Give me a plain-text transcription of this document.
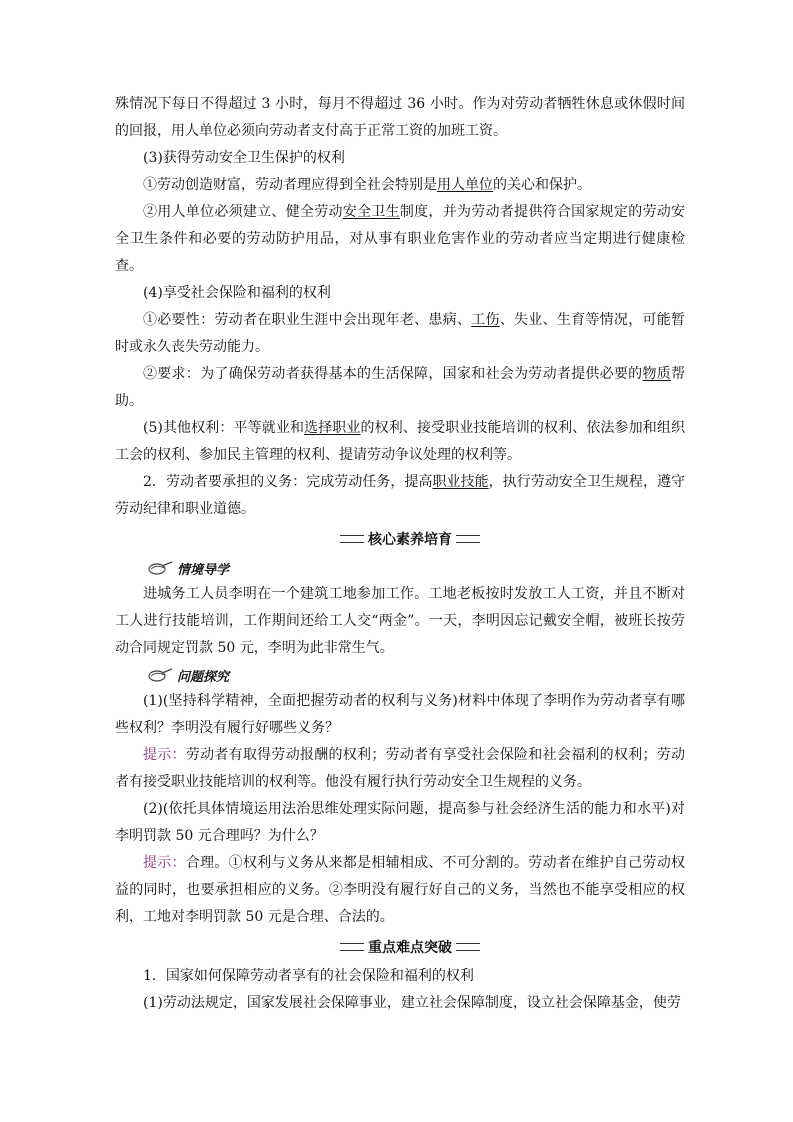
殊情况下每日不得超过 3 小时，每月不得超过 36 小时。作为对劳动者牺牲休息或休假时间的回报，用人单位必须向劳动者支付高于正常工资的加班工资。

(3)获得劳动安全卫生保护的权利

①劳动创造财富，劳动者理应得到全社会特别是用人单位的关心和保护。

②用人单位必须建立、健全劳动安全卫生制度，并为劳动者提供符合国家规定的劳动安全卫生条件和必要的劳动防护用品，对从事有职业危害作业的劳动者应当定期进行健康检查。

(4)享受社会保险和福利的权利

①必要性：劳动者在职业生涯中会出现年老、患病、工伤、失业、生育等情况，可能暂时或永久丧失劳动能力。

②要求：为了确保劳动者获得基本的生活保障，国家和社会为劳动者提供必要的物质帮助。

(5)其他权利：平等就业和选择职业的权利、接受职业技能培训的权利、依法参加和组织工会的权利、参加民主管理的权利、提请劳动争议处理的权利等。

2．劳动者要承担的义务：完成劳动任务，提高职业技能，执行劳动安全卫生规程，遵守劳动纪律和职业道德。

核心素养培育
情境导学

进城务工人员李明在一个建筑工地参加工作。工地老板按时发放工人工资，并且不断对工人进行技能培训，工作期间还给工人交“两金”。一天，李明因忘记戴安全帽，被班长按劳动合同规定罚款 50 元，李明为此非常生气。

问题探究

(1)(坚持科学精神，全面把握劳动者的权利与义务)材料中体现了李明作为劳动者享有哪些权利？李明没有履行好哪些义务？

提示：劳动者有取得劳动报酬的权利；劳动者有享受社会保险和社会福利的权利；劳动者有接受职业技能培训的权利等。他没有履行执行劳动安全卫生规程的义务。

(2)(依托具体情境运用法治思维处理实际问题，提高参与社会经济生活的能力和水平)对李明罚款 50 元合理吗？为什么？

提示：合理。①权利与义务从来都是相辅相成、不可分割的。劳动者在维护自己劳动权益的同时，也要承担相应的义务。②李明没有履行好自己的义务，当然也不能享受相应的权利，工地对李明罚款 50 元是合理、合法的。

重点难点突破

1．国家如何保障劳动者享有的社会保险和福利的权利

(1)劳动法规定，国家发展社会保障事业，建立社会保障制度，设立社会保障基金，使劳
